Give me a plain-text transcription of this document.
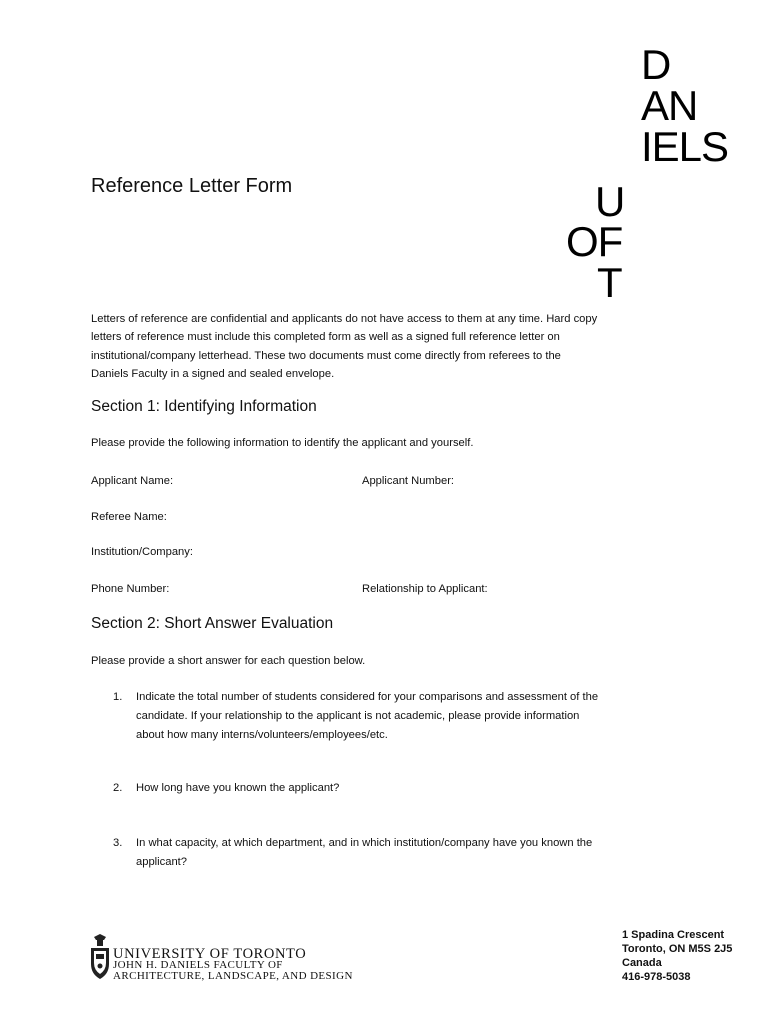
D
AN
IELS
U
OF
T
Reference Letter Form
Letters of reference are confidential and applicants do not have access to them at any time. Hard copy letters of reference must include this completed form as well as a signed full reference letter on institutional/company letterhead. These two documents must come directly from referees to the Daniels Faculty in a signed and sealed envelope.
Section 1: Identifying Information
Please provide the following information to identify the applicant and yourself.
Applicant Name:	Applicant Number:
Referee Name:
Institution/Company:
Phone Number:	Relationship to Applicant:
Section 2: Short Answer Evaluation
Please provide a short answer for each question below.
1. Indicate the total number of students considered for your comparisons and assessment of the candidate. If your relationship to the applicant is not academic, please provide information about how many interns/volunteers/employees/etc.
2. How long have you known the applicant?
3. In what capacity, at which department, and in which institution/company have you known the applicant?
UNIVERSITY OF TORONTO
JOHN H. DANIELS FACULTY OF
ARCHITECTURE, LANDSCAPE, AND DESIGN
1 Spadina Crescent
Toronto, ON M5S 2J5
Canada
416-978-5038
